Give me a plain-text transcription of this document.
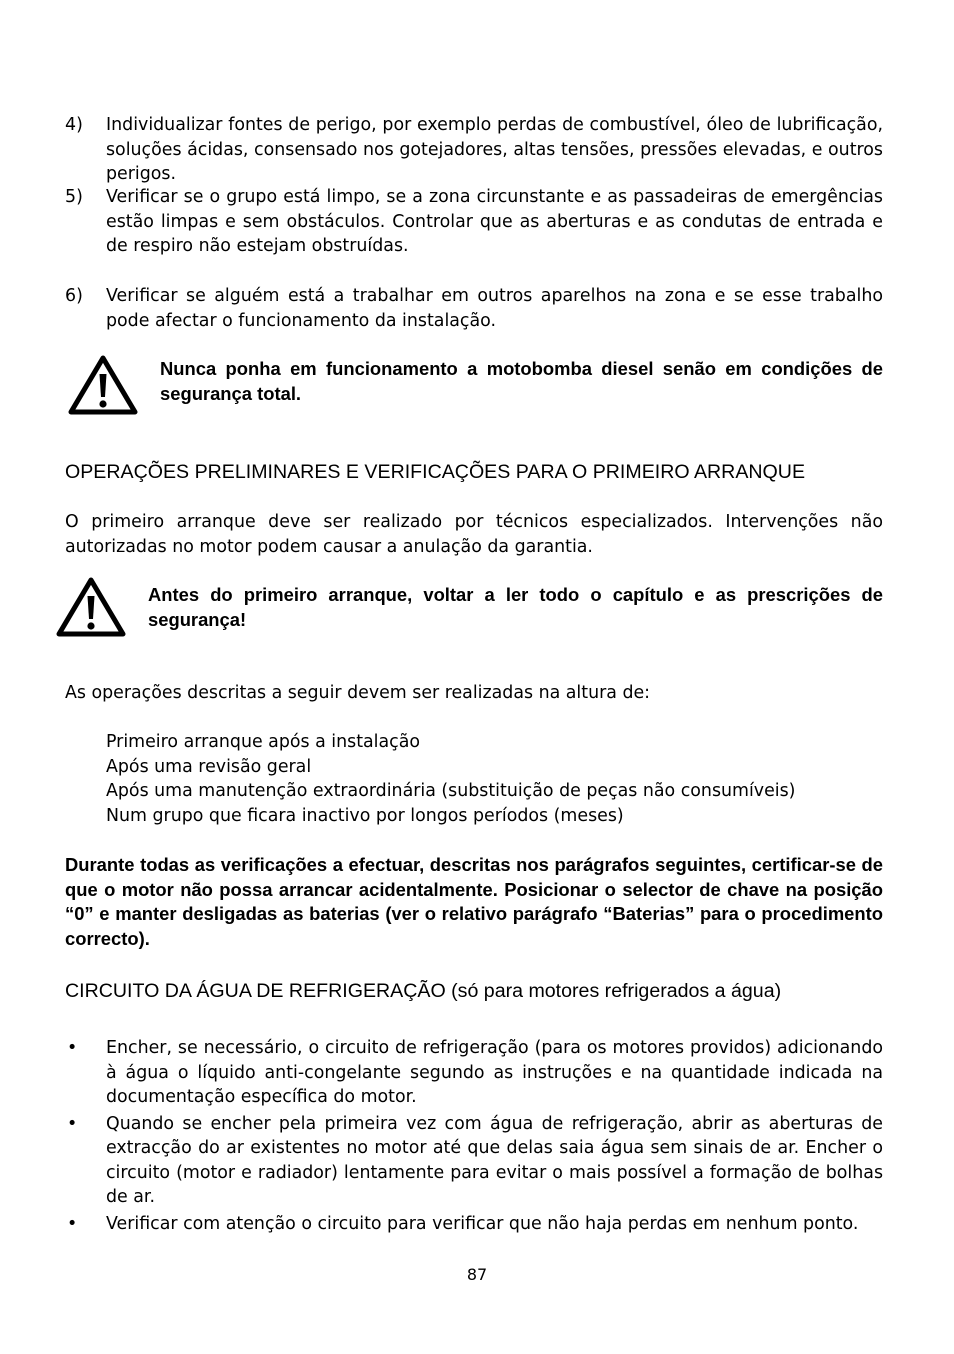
4) Individualizar fontes de perigo, por exemplo perdas de combustível, óleo de lubrificação, soluções ácidas, consensado nos gotejadores, altas tensões, pressões elevadas, e outros perigos.
5) Verificar se o grupo está limpo, se a zona circunstante e as passadeiras de emergências estão limpas e sem obstáculos. Controlar que as aberturas e as condutas de entrada e de respiro não estejam obstruídas.
6) Verificar se alguém está a trabalhar em outros aparelhos na zona e se esse trabalho pode afectar o funcionamento da instalação.
Nunca ponha em funcionamento a motobomba diesel senão em condições de segurança total.
OPERAÇÕES PRELIMINARES E VERIFICAÇÕES PARA O PRIMEIRO ARRANQUE
O primeiro arranque deve ser realizado por técnicos especializados. Intervenções não autorizadas no motor podem causar a anulação da garantia.
Antes do primeiro arranque, voltar a ler todo o capítulo e as prescrições de segurança!
As operações descritas a seguir devem ser realizadas na altura de:
Primeiro arranque após a instalação
Após uma revisão geral
Após uma manutenção extraordinária (substituição de peças não consumíveis)
Num grupo que ficara inactivo por longos períodos (meses)
Durante todas as verificações a efectuar, descritas nos parágrafos seguintes, certificar-se de que o motor não possa arrancar acidentalmente. Posicionar o selector de chave na posição “0” e manter desligadas as baterias (ver o relativo parágrafo “Baterias” para o procedimento correcto).
CIRCUITO DA ÁGUA DE REFRIGERAÇÃO (só para motores refrigerados a água)
• Encher, se necessário, o circuito de refrigeração (para os motores providos) adicionando à água o líquido anti-congelante segundo as instruções e na quantidade indicada na documentação específica do motor.
• Quando se encher pela primeira vez com água de refrigeração, abrir as aberturas de extracção do ar existentes no motor até que delas saia água sem sinais de ar. Encher o circuito (motor e radiador) lentamente para evitar o mais possível a formação de bolhas de ar.
• Verificar com atenção o circuito para verificar que não haja perdas em nenhum ponto.
87
